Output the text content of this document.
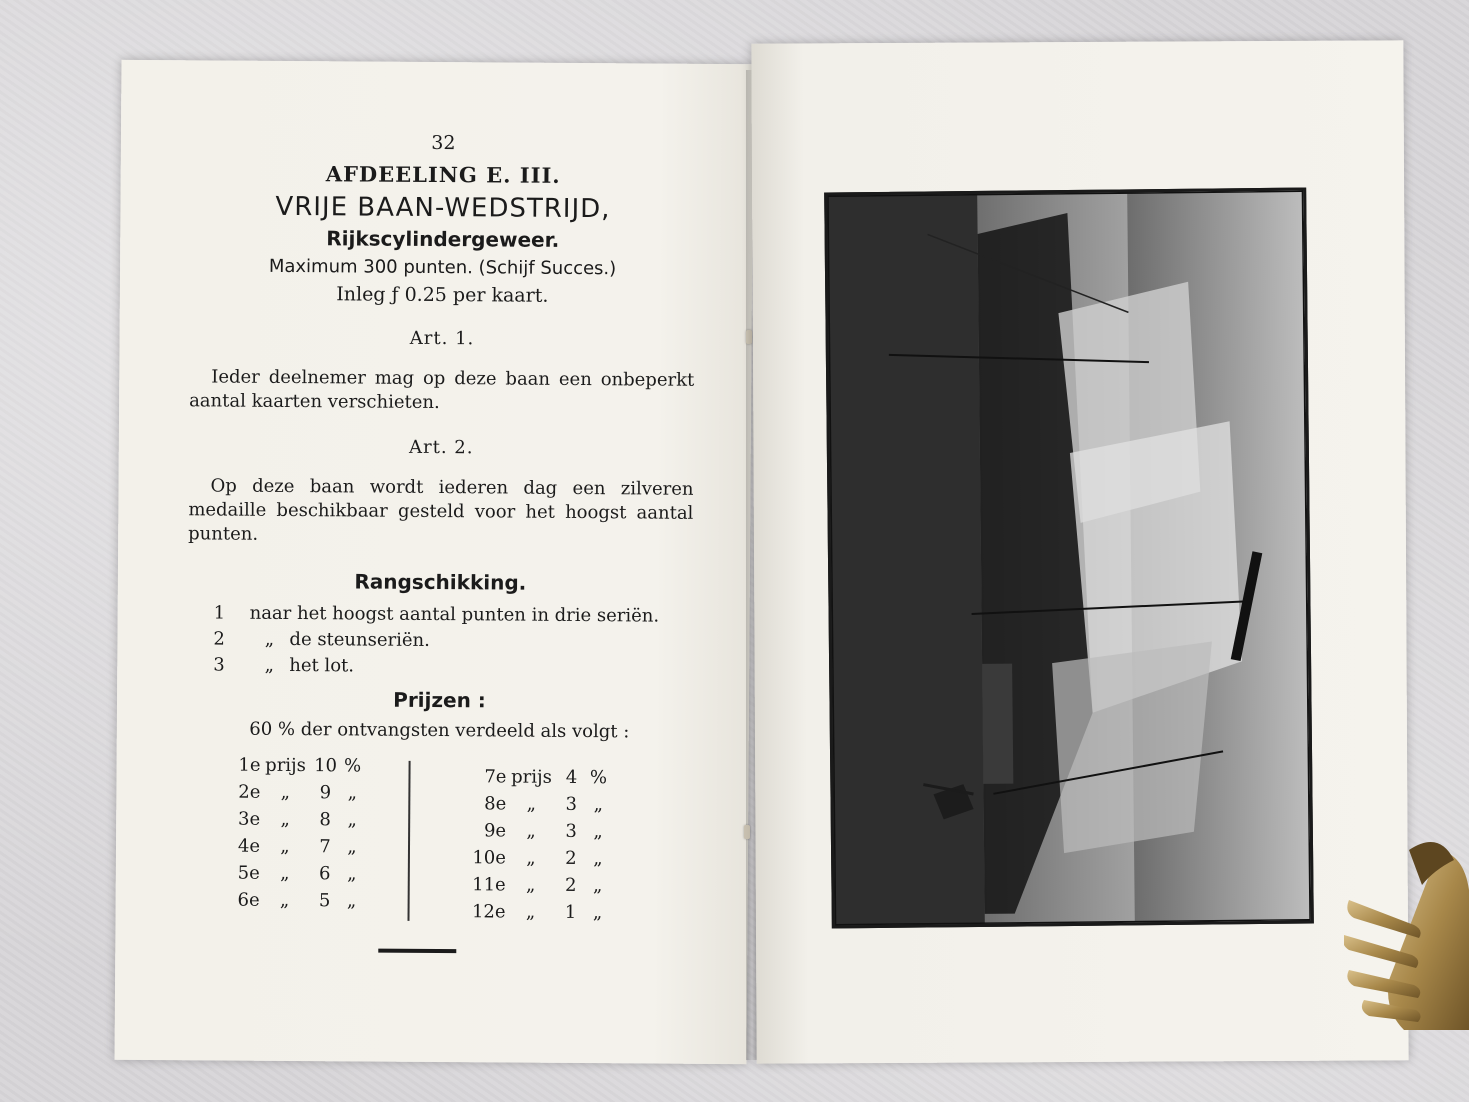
32
AFDEELING E. III.
VRIJE BAAN-WEDSTRIJD,
Rijkscylindergeweer.
Maximum 300 punten. (Schijf Succes.)
Inleg ƒ 0.25 per kaart.
Art. 1.
Ieder deelnemer mag op deze baan een onbeperkt aantal kaarten verschieten.
Art. 2.
Op deze baan wordt iederen dag een zilveren medaille beschikbaar gesteld voor het hoogst aantal punten.
Rangschikking.
1	naar het hoogst aantal punten in drie seriën.
2	„ de steunseriën.
3	„ het lot.
Prijzen :
60 % der ontvangsten verdeeld als volgt :
1e prijs 10 %
2e	„	9 „
3e	„	8 „
4e	„	7 „
5e	„	6 „
6e	„	5 „
7e prijs 4 %
8e	„	3 „
9e	„	3 „
10e	„	2 „
11e	„	2 „
12e	„	1 „
